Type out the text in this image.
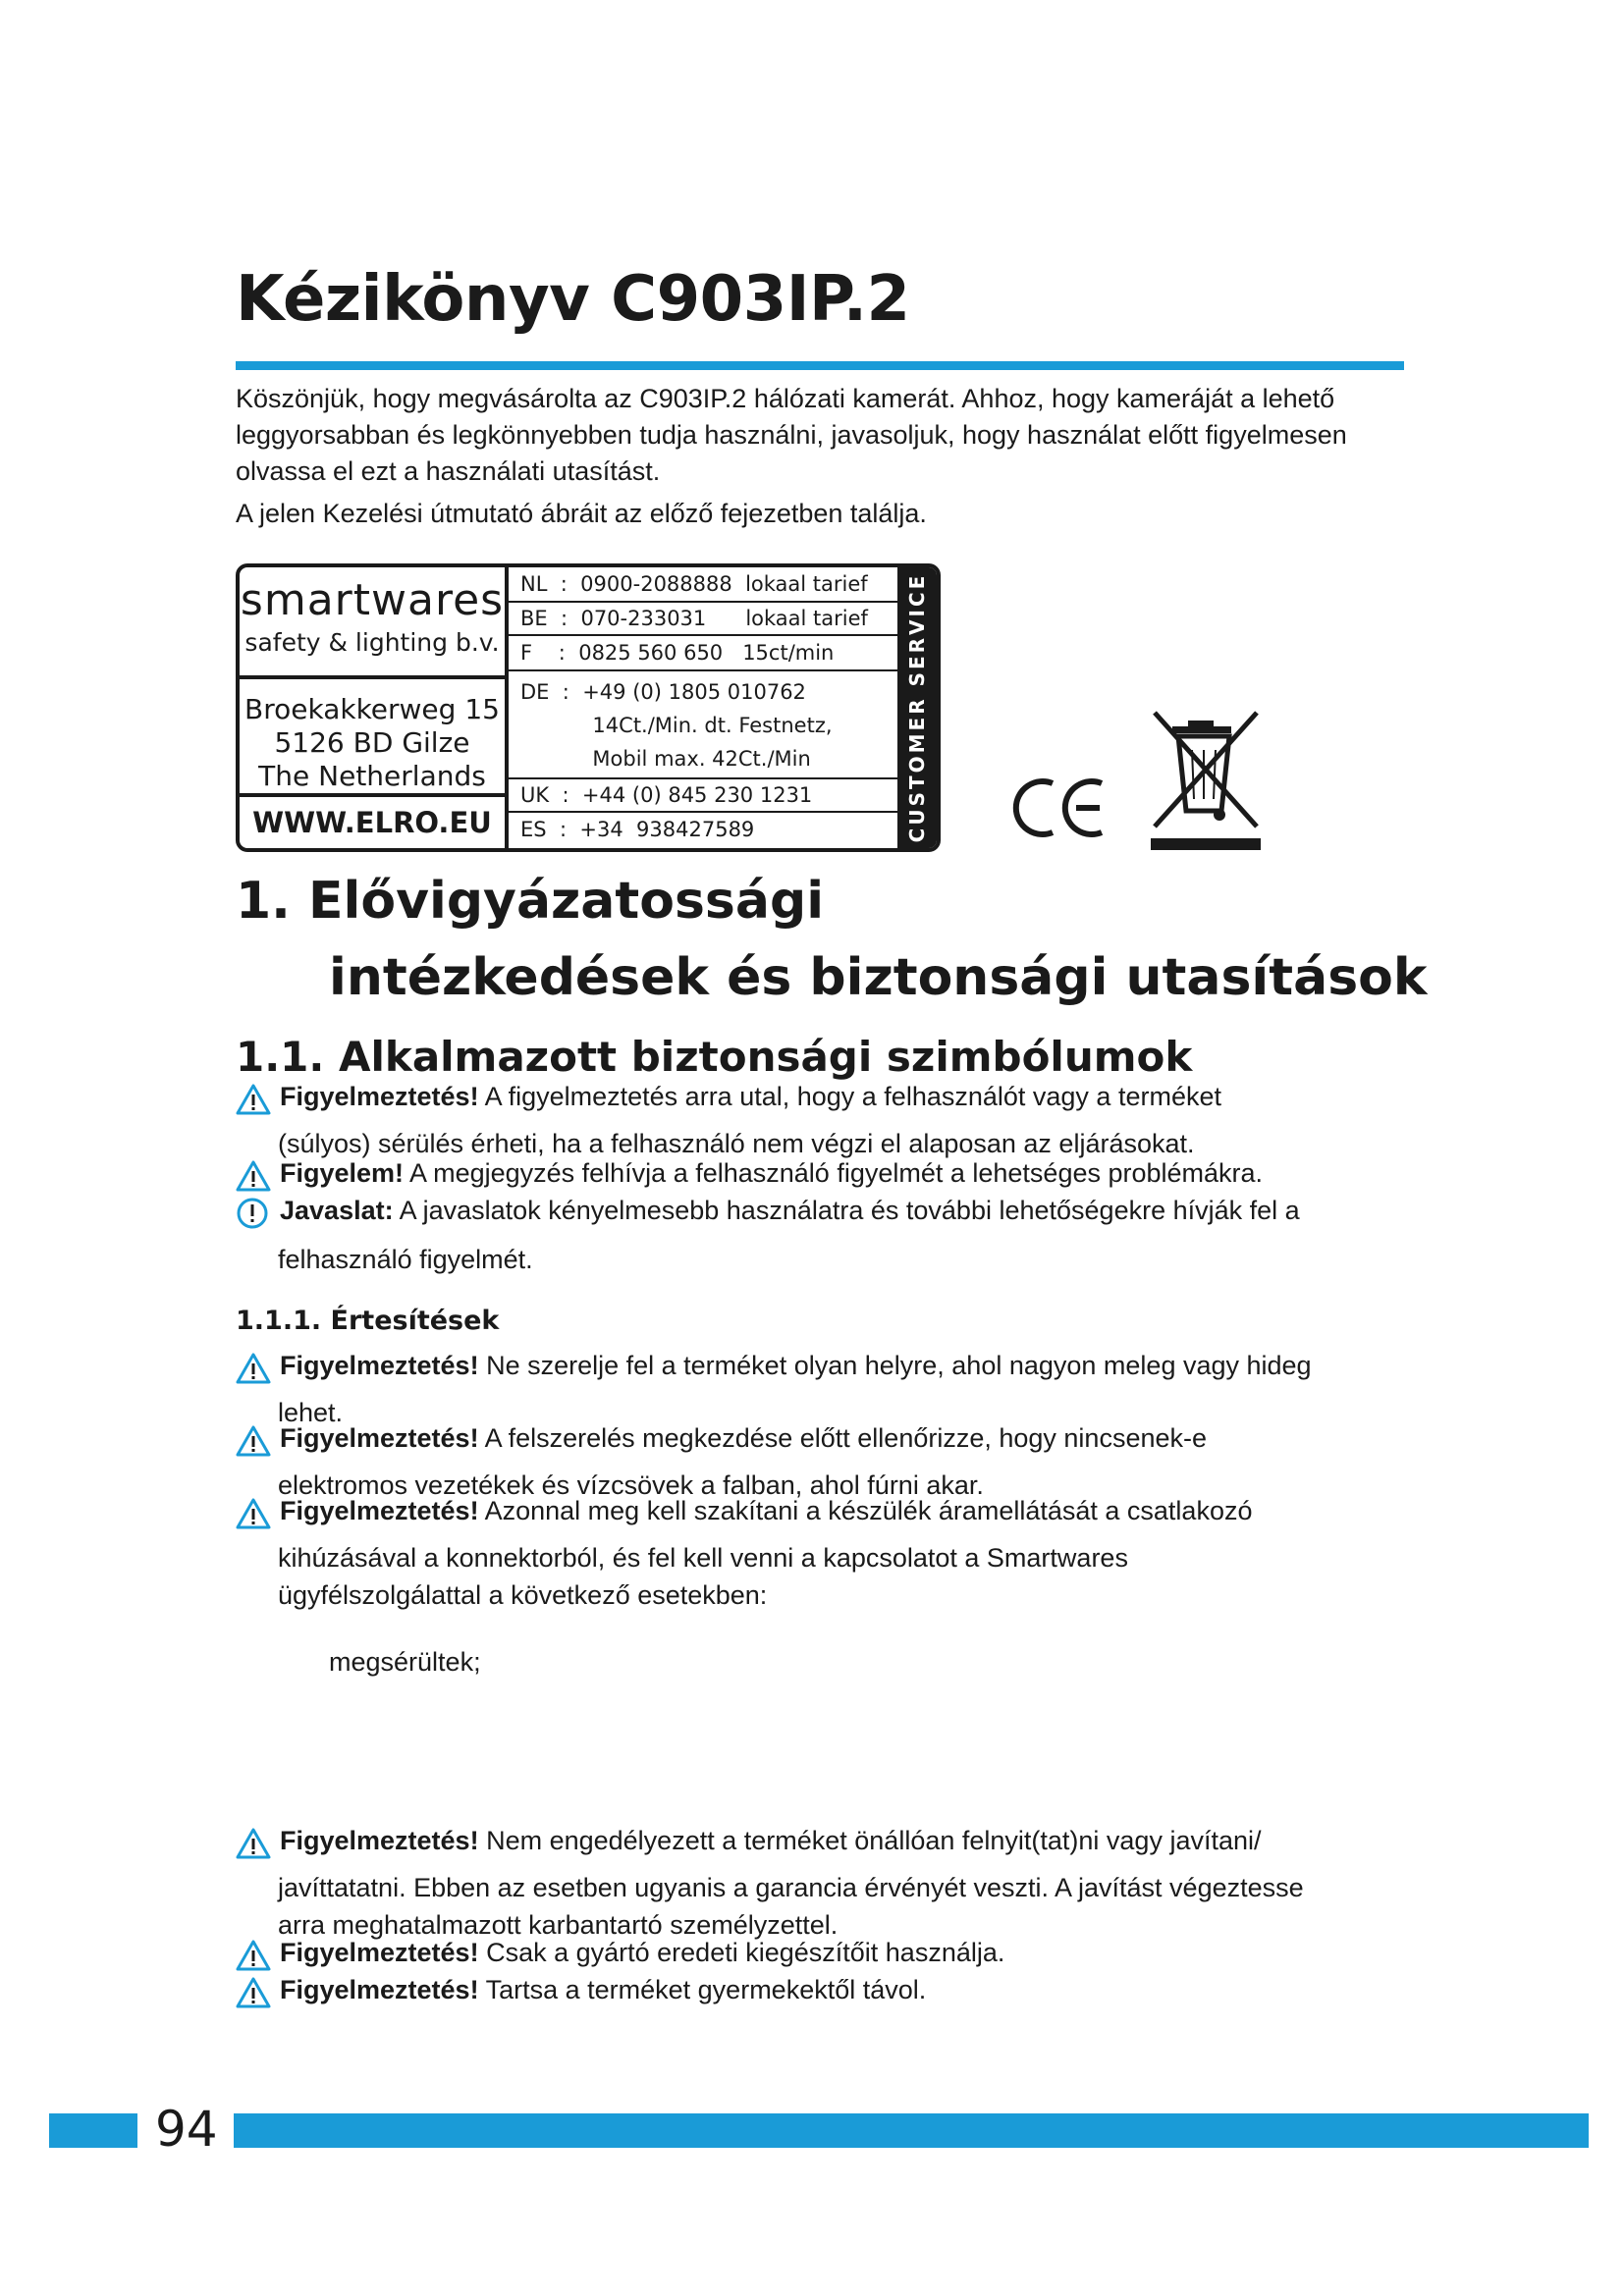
Kézikönyv C903IP.2

Köszönjük, hogy megvásárolta az C903IP.2 hálózati kamerát. Ahhoz, hogy kameráját a lehető leggyorsabban és legkönnyebben tudja használni, javasoljuk, hogy használat előtt figyelmesen olvassa el ezt a használati utasítást.

A jelen Kezelési útmutató ábráit az előző fejezetben találja.

smartwares
safety & lighting b.v.
Broekakkerweg 15
5126 BD Gilze
The Netherlands
WWW.ELRO.EU
NL  :  0900-2088888  lokaal tarief
BE  :  070-233031      lokaal tarief
F    :  0825 560 650   15ct/min
DE  :  +49 (0) 1805 010762
14Ct./Min. dt. Festnetz,
Mobil max. 42Ct./Min
UK  :  +44 (0) 845 230 1231
ES  :  +34  938427589	CUSTOMER SERVICE
1. Elővigyázatossági
intézkedések és biztonsági utasítások
1.1. Alkalmazott biztonsági szimbólumok
Figyelmeztetés! A figyelmeztetés arra utal, hogy a felhasználót vagy a terméket
(súlyos) sérülés érheti, ha a felhasználó nem végzi el alaposan az eljárásokat.
Figyelem! A megjegyzés felhívja a felhasználó figyelmét a lehetséges problémákra.
Javaslat: A javaslatok kényelmesebb használatra és további lehetőségekre hívják fel a
felhasználó figyelmét.
1.1.1. Értesítések
Figyelmeztetés! Ne szerelje fel a terméket olyan helyre, ahol nagyon meleg vagy hideg
lehet.
Figyelmeztetés! A felszerelés megkezdése előtt ellenőrizze, hogy nincsenek-e
elektromos vezetékek és vízcsövek a falban, ahol fúrni akar.
Figyelmeztetés! Azonnal meg kell szakítani a készülék áramellátását a csatlakozó
kihúzásával a konnektorból, és fel kell venni a kapcsolatot a Smartwares
ügyfélszolgálattal a következő esetekben:
megsérültek;
Figyelmeztetés! Nem engedélyezett a terméket önállóan felnyit(tat)ni vagy javítani/
javíttatatni. Ebben az esetben ugyanis a garancia érvényét veszti. A javítást végeztesse
arra meghatalmazott karbantartó személyzettel.
Figyelmeztetés! Csak a gyártó eredeti kiegészítőit használja.
Figyelmeztetés! Tartsa a terméket gyermekektől távol.
94
